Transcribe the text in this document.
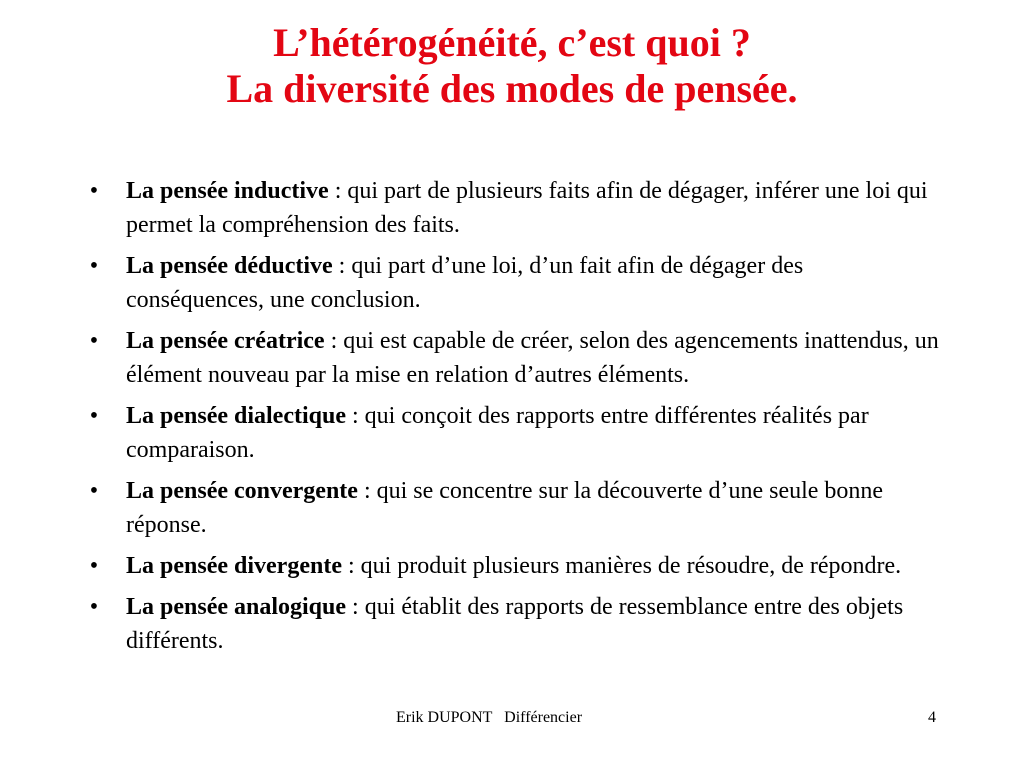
L’hétérogénéité, c’est quoi ?
La diversité des modes de pensée.
• La pensée inductive : qui part de plusieurs faits afin de dégager, inférer une loi qui permet la compréhension des faits.
• La pensée déductive : qui part d’une loi, d’un fait afin de dégager des conséquences, une conclusion.
• La pensée créatrice : qui est capable de créer, selon des agencements inattendus, un élément nouveau par la mise en relation d’autres éléments.
• La pensée dialectique : qui conçoit des rapports entre différentes réalités par comparaison.
• La pensée convergente : qui se concentre sur la découverte d’une seule bonne réponse.
• La pensée divergente : qui produit plusieurs manières de résoudre, de répondre.
• La pensée analogique : qui établit des rapports de ressemblance entre des objets différents.
Erik DUPONT Différencier	4
